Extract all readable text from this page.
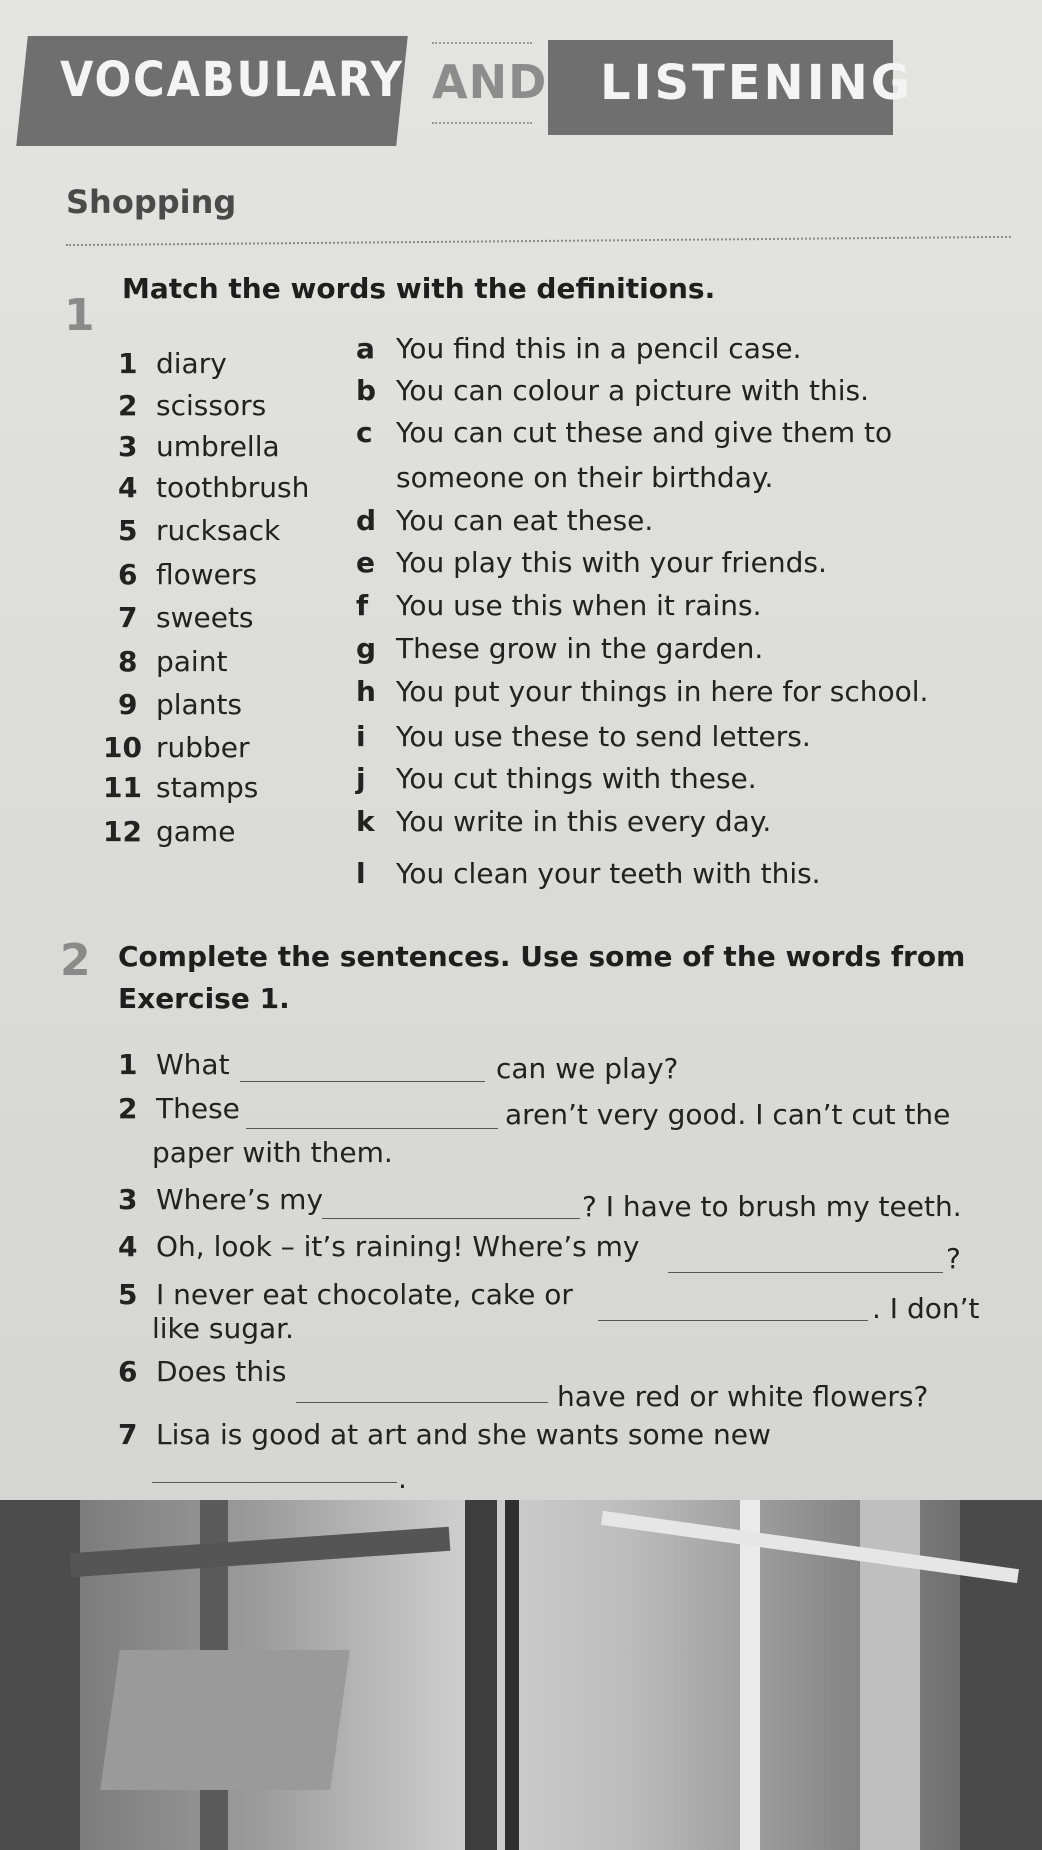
VOCABULARY AND LISTENING
Shopping
1
Match the words with the definitions.
1 diary
2 scissors
3 umbrella
4 toothbrush
5 rucksack
6 flowers
7 sweets
8 paint
9 plants
10 rubber
11 stamps
12 game
a You find this in a pencil case.
b You can colour a picture with this.
c You can cut these and give them to
someone on their birthday.
d You can eat these.
e You play this with your friends.
f You use this when it rains.
g These grow in the garden.
h You put your things in here for school.
i You use these to send letters.
j You cut things with these.
k You write in this every day.
l You clean your teeth with this.
2 Complete the sentences. Use some of the words from
Exercise 1.
1 What	can we play?
2 These	aren’t very good. I can’t cut the
paper with them.
3 Where’s my	? I have to brush my teeth.
4 Oh, look – it’s raining! Where’s my	?
5 I never eat chocolate, cake or	. I don’t
like sugar.
6 Does this
have red or white flowers?
7 Lisa is good at art and she wants some new
.
